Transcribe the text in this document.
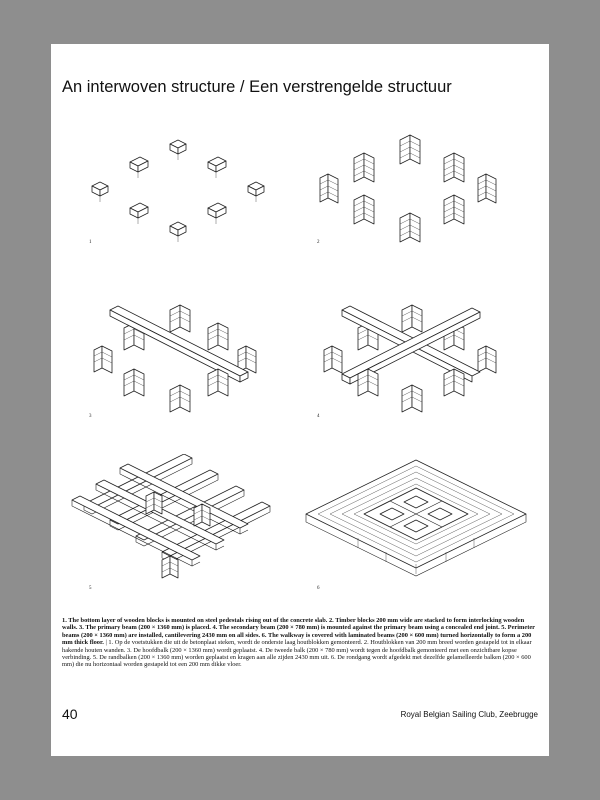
An interwoven structure / Een verstrengelde structuur
1	2
3	4
5	6
1. The bottom layer of wooden blocks is mounted on steel pedestals rising out of the concrete slab. 2. Timber blocks 200 mm wide are stacked to form interlocking wooden walls. 3. The primary beam (200 × 1360 mm) is placed. 4. The secondary beam (200 × 780 mm) is mounted against the primary beam using a concealed end joint. 5. Perimeter beams (200 × 1360 mm) are installed, cantilevering 2430 mm on all sides. 6. The walkway is covered with laminated beams (200 × 600 mm) turned horizontally to form a 200 mm thick floor. | 1. Op de voetstukken die uit de betonplaat steken, wordt de onderste laag houtblokken gemonteerd. 2. Houtblokken van 200 mm breed worden gestapeld tot in elkaar hakende houten wanden. 3. De hoofdbalk (200 × 1360 mm) wordt geplaatst. 4. De tweede balk (200 × 780 mm) wordt tegen de hoofdbalk gemonteerd met een onzichtbare kopse verbinding. 5. De randbalken (200 × 1360 mm) worden geplaatst en kragen aan alle zijden 2430 mm uit. 6. De rondgang wordt afgedekt met dezelfde gelamelleerde balken (200 × 600 mm) die nu horizontaal worden gestapeld tot een 200 mm dikke vloer.
40	Royal Belgian Sailing Club, Zeebrugge
